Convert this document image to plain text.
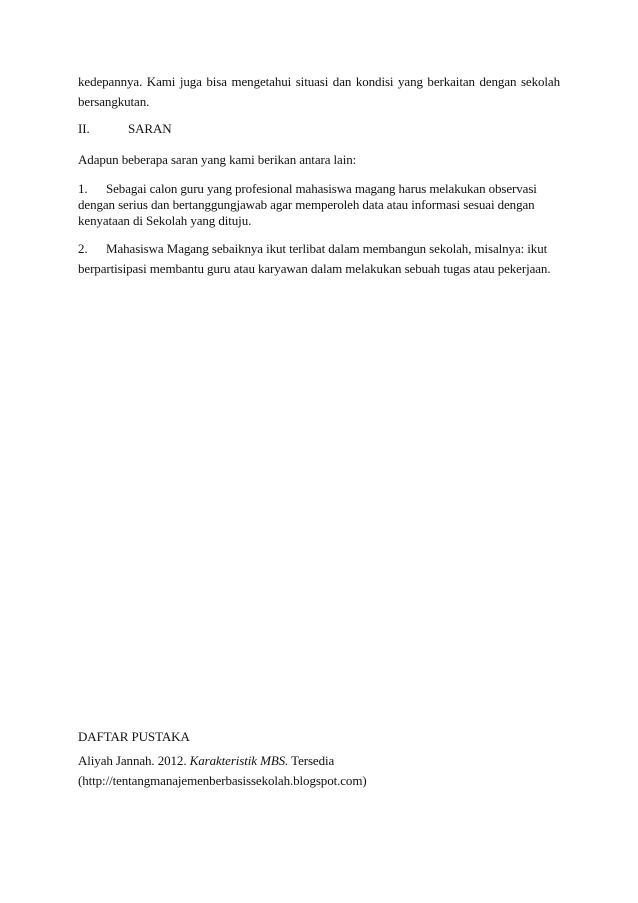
kedepannya. Kami juga bisa mengetahui situasi dan kondisi yang berkaitan dengan sekolah
bersangkutan.
II.	SARAN
Adapun beberapa saran yang kami berikan antara lain:
1. Sebagai calon guru yang profesional mahasiswa magang harus melakukan observasi
dengan serius dan bertanggungjawab agar memperoleh data atau informasi sesuai dengan
kenyataan di Sekolah yang dituju.
2. Mahasiswa Magang sebaiknya ikut terlibat dalam membangun sekolah, misalnya: ikut
berpartisipasi membantu guru atau karyawan dalam melakukan sebuah tugas atau pekerjaan.
DAFTAR PUSTAKA
Aliyah Jannah. 2012. Karakteristik MBS. Tersedia
(http://tentangmanajemenberbasissekolah.blogspot.com)
